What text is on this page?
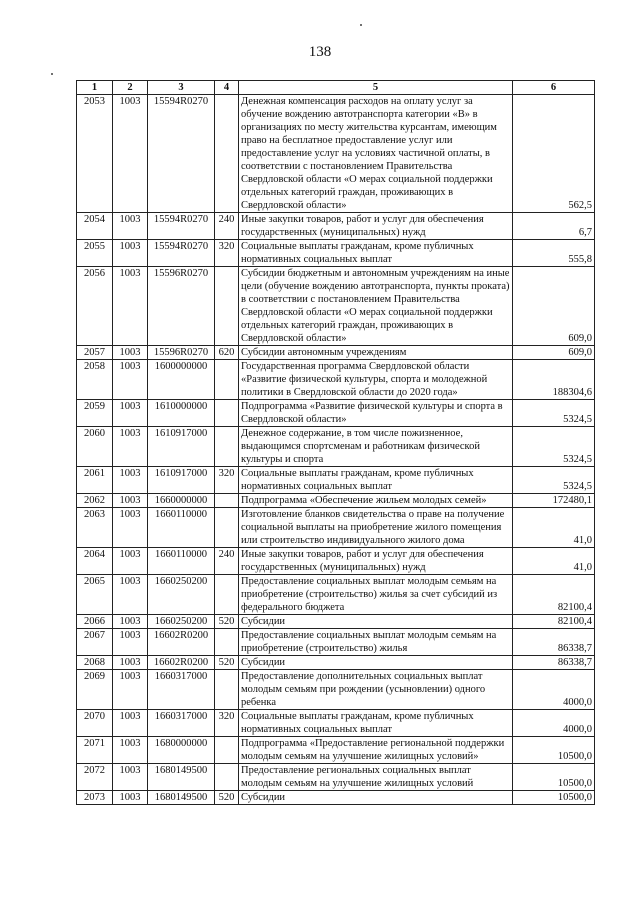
138
1	2	3	4	5	6
2053	1003	15594R0270		Денежная компенсация расходов на оплату услуг за обучение вождению автотранспорта категории «В» в организациях по месту жительства курсантам, имеющим право на бесплатное предоставление услуг или предоставление услуг на условиях частичной оплаты, в соответствии с постановлением Правительства Свердловской области «О мерах социальной поддержки отдельных категорий граждан, проживающих в Свердловской области»	562,5
2054	1003	15594R0270	240	Иные закупки товаров, работ и услуг для обеспечения государственных (муниципальных) нужд	6,7
2055	1003	15594R0270	320	Социальные выплаты гражданам, кроме публичных нормативных социальных выплат	555,8
2056	1003	15596R0270		Субсидии бюджетным и автономным учреждениям на иные цели (обучение вождению автотранспорта, пункты проката) в соответствии с постановлением Правительства Свердловской области «О мерах социальной поддержки отдельных категорий граждан, проживающих в Свердловской области»	609,0
2057	1003	15596R0270	620	Субсидии автономным учреждениям	609,0
2058	1003	1600000000		Государственная программа Свердловской области «Развитие физической культуры, спорта и молодежной политики в Свердловской области до 2020 года»	188304,6
2059	1003	1610000000		Подпрограмма «Развитие физической культуры и спорта в Свердловской области»	5324,5
2060	1003	1610917000		Денежное содержание, в том числе пожизненное, выдающимся спортсменам и работникам физической культуры и спорта	5324,5
2061	1003	1610917000	320	Социальные выплаты гражданам, кроме публичных нормативных социальных выплат	5324,5
2062	1003	1660000000		Подпрограмма «Обеспечение жильем молодых семей»	172480,1
2063	1003	1660110000		Изготовление бланков свидетельства о праве на получение социальной выплаты на приобретение жилого помещения или строительство индивидуального жилого дома	41,0
2064	1003	1660110000	240	Иные закупки товаров, работ и услуг для обеспечения государственных (муниципальных) нужд	41,0
2065	1003	1660250200		Предоставление социальных выплат молодым семьям на приобретение (строительство) жилья за счет субсидий из федерального бюджета	82100,4
2066	1003	1660250200	520	Субсидии	82100,4
2067	1003	16602R0200		Предоставление социальных выплат молодым семьям на приобретение (строительство) жилья	86338,7
2068	1003	16602R0200	520	Субсидии	86338,7
2069	1003	1660317000		Предоставление дополнительных социальных выплат молодым семьям при рождении (усыновлении) одного ребенка	4000,0
2070	1003	1660317000	320	Социальные выплаты гражданам, кроме публичных нормативных социальных выплат	4000,0
2071	1003	1680000000		Подпрограмма «Предоставление региональной поддержки молодым семьям на улучшение жилищных условий»	10500,0
2072	1003	1680149500		Предоставление региональных социальных выплат молодым семьям на улучшение жилищных условий	10500,0
2073	1003	1680149500	520	Субсидии	10500,0
